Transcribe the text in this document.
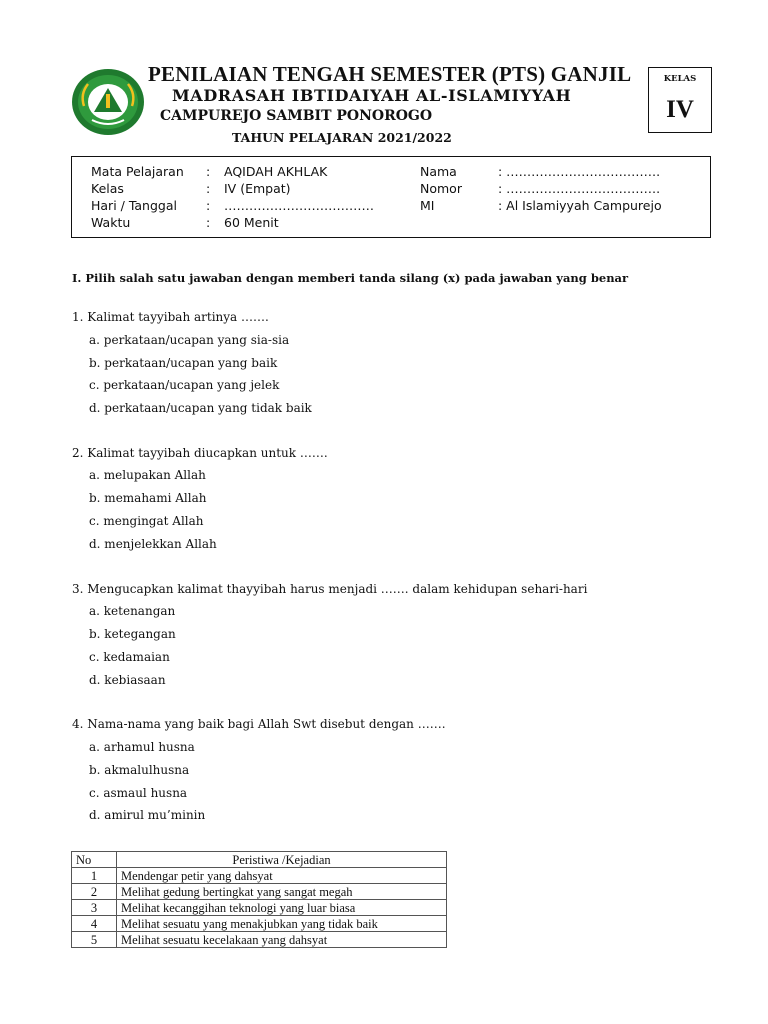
PENILAIAN TENGAH SEMESTER (PTS) GANJIL
MADRASAH IBTIDAIYAH AL-ISLAMIYYAH
CAMPUREJO SAMBIT PONOROGO
TAHUN PELAJARAN 2021/2022
KELAS
IV
Mata Pelajaran : AQIDAH AKHLAK	Nama	: ……………………………….
Kelas	: IV (Empat)	Nomor	: ……………………………….
Hari / Tanggal : ………………………………	MI	: Al Islamiyyah Campurejo
Waktu	: 60 Menit
I. Pilih salah satu jawaban dengan memberi tanda silang (x) pada jawaban yang benar
1. Kalimat tayyibah artinya …….
a. perkataan/ucapan yang sia-sia
b. perkataan/ucapan yang baik
c. perkataan/ucapan yang jelek
d. perkataan/ucapan yang tidak baik
2. Kalimat tayyibah diucapkan untuk …….
a. melupakan Allah
b. memahami Allah
c. mengingat Allah
d. menjelekkan Allah
3. Mengucapkan kalimat thayyibah harus menjadi ……. dalam kehidupan sehari-hari
a. ketenangan
b. ketegangan
c. kedamaian
d. kebiasaan
4. Nama-nama yang baik bagi Allah Swt disebut dengan …….
a. arhamul husna
b. akmalulhusna
c. asmaul husna
d. amirul mu’minin
No	Peristiwa /Kejadian
1	Mendengar petir yang dahsyat
2	Melihat gedung bertingkat yang sangat megah
3	Melihat kecanggihan teknologi yang luar biasa
4	Melihat sesuatu yang menakjubkan yang tidak baik
5	Melihat sesuatu kecelakaan yang dahsyat
